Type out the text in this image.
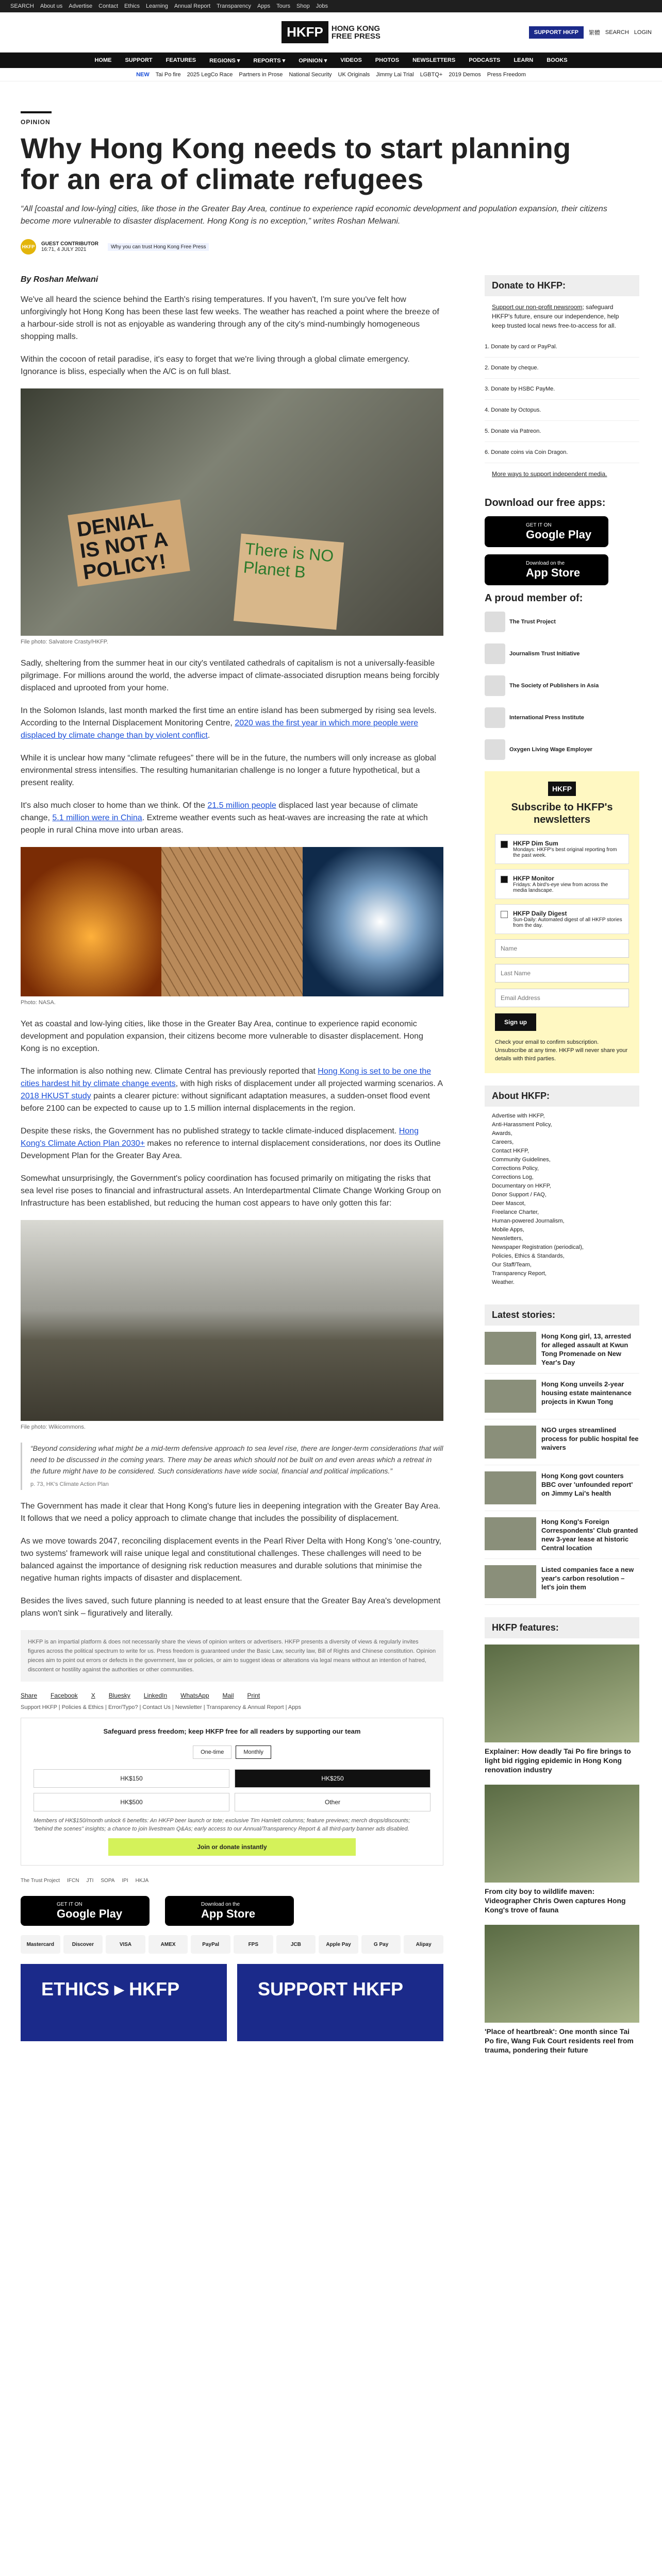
SEARCH About us Advertise Contact Ethics Learning Annual Report Transparency Apps Tours Shop Jobs
HKFP	HONG KONG
FREE PRESS	SUPPORT HKFP	繁體 SEARCH LOGIN
HOME SUPPORT FEATURES REGIONS ▾ REPORTS ▾ OPINION ▾ VIDEOS PHOTOS NEWSLETTERS PODCASTS LEARN BOOKS
NEW Tai Po fire 2025 LegCo Race Partners in Prose National Security UK Originals Jimmy Lai Trial LGBTQ+ 2019 Demos Press Freedom
OPINION
Why Hong Kong needs to start planning for an era of climate refugees

“All [coastal and low-lying] cities, like those in the Greater Bay Area, continue to experience rapid economic development and population expansion, their citizens become more vulnerable to disaster displacement. Hong Kong is no exception,” writes Roshan Melwani.

HKFP GUEST CONTRIBUTOR
16:71, 4 JULY 2021	Why you can trust Hong Kong Free Press
By Roshan Melwani

We've all heard the science behind the Earth's rising temperatures. If you haven't, I'm sure you've felt how unforgivingly hot Hong Kong has been these last few weeks. The weather has reached a point where the breeze of a harbour-side stroll is not as enjoyable as wandering through any of the city's mind-numbingly homogeneous shopping malls.

Within the cocoon of retail paradise, it's easy to forget that we're living through a global climate emergency. Ignorance is bliss, especially when the A/C is on full blast.

DENIAL IS NOT A POLICY!	There is NO Planet B
File photo: Salvatore Crasty/HKFP.

Sadly, sheltering from the summer heat in our city's ventilated cathedrals of capitalism is not a universally-feasible pilgrimage. For millions around the world, the adverse impact of climate-associated disruption means being forcibly displaced and uprooted from your home.

In the Solomon Islands, last month marked the first time an entire island has been submerged by rising sea levels. According to the Internal Displacement Monitoring Centre, 2020 was the first year in which more people were displaced by climate change than by violent conflict.

While it is unclear how many “climate refugees” there will be in the future, the numbers will only increase as global environmental stress intensifies. The resulting humanitarian challenge is no longer a future hypothetical, but a present reality.

It's also much closer to home than we think. Of the 21.5 million people displaced last year because of climate change, 5.1 million were in China. Extreme weather events such as heat-waves are increasing the rate at which people in rural China move into urban areas.

Photo: NASA.

Yet as coastal and low-lying cities, like those in the Greater Bay Area, continue to experience rapid economic development and population expansion, their citizens become more vulnerable to disaster displacement. Hong Kong is no exception.

The information is also nothing new. Climate Central has previously reported that Hong Kong is set to be one the cities hardest hit by climate change events, with high risks of displacement under all projected warming scenarios. A 2018 HKUST study paints a clearer picture: without significant adaptation measures, a sudden-onset flood event before 2100 can be expected to cause up to 1.5 million internal displacements in the region.

Despite these risks, the Government has no published strategy to tackle climate-induced displacement. Hong Kong's Climate Action Plan 2030+ makes no reference to internal displacement considerations, nor does its Outline Development Plan for the Greater Bay Area.

Somewhat unsurprisingly, the Government's policy coordination has focused primarily on mitigating the risks that sea level rise poses to financial and infrastructural assets. An Interdepartmental Climate Change Working Group on Infrastructure has been established, but reducing the human cost appears to have only gotten this far:

File photo: Wikicommons.
“Beyond considering what might be a mid-term defensive approach to sea level rise, there are longer-term considerations that will need to be discussed in the coming years. There may be areas which should not be built on and even areas which a retreat in the future might have to be considered. Such considerations have wide social, financial and political implications.”
p. 73, HK's Climate Action Plan

The Government has made it clear that Hong Kong's future lies in deepening integration with the Greater Bay Area. It follows that we need a policy approach to climate change that includes the possibility of displacement.

As we move towards 2047, reconciling displacement events in the Pearl River Delta with Hong Kong's 'one-country, two systems' framework will raise unique legal and constitutional challenges. These challenges will need to be balanced against the importance of designing risk reduction measures and durable solutions that minimise the negative human rights impacts of disaster and displacement.

Besides the lives saved, such future planning is needed to at least ensure that the Greater Bay Area's development plans won't sink – figuratively and literally.

HKFP is an impartial platform & does not necessarily share the views of opinion writers or advertisers. HKFP presents a diversity of views & regularly invites figures across the political spectrum to write for us. Press freedom is guaranteed under the Basic Law, security law, Bill of Rights and Chinese constitution. Opinion pieces aim to point out errors or defects in the government, law or policies, or aim to suggest ideas or alterations via legal means without an intention of hatred, discontent or hostility against the authorities or other communities.
Share Facebook X Bluesky LinkedIn WhatsApp Mail Print
Support HKFP | Policies & Ethics | Error/Typo? | Contact Us | Newsletter | Transparency & Annual Report | Apps
Safeguard press freedom; keep HKFP free for all readers by supporting our team
One-time	Monthly
HK$150	HK$250
HK$500	Other
Members of HK$150/month unlock 6 benefits: An HKFP beer launch or tote; exclusive Tim Hamlett columns; feature previews; merch drops/discounts; "behind the scenes" insights; a chance to join livestream Q&As; early access to our Annual/Transparency Report & all third-party banner ads disabled.
Join or donate instantly
The Trust Project IFCN JTI SOPA IPI HKJA
GET IT ON
Google Play
Download on the
App Store
Mastercard	Discover	VISA	AMEX	PayPal	FPS	JCB	Apple Pay	G Pay	Alipay
ETHICS ▸ HKFP	SUPPORT HKFP
Donate to HKFP:
Support our non-profit newsroom; safeguard HKFP's future, ensure our independence, help keep trusted local news free-to-access for all.
1. Donate by card or PayPal.
2. Donate by cheque.
3. Donate by HSBC PayMe.
4. Donate by Octopus.
5. Donate via Patreon.
6. Donate coins via Coin Dragon.
More ways to support independent media.
Download our free apps:
GET IT ON
Google Play
Download on the
App Store
A proud member of:
The Trust Project
Journalism Trust Initiative
The Society of Publishers in Asia
International Press Institute
Oxygen Living Wage Employer
HKFP
Subscribe to HKFP's newsletters
HKFP Dim Sum
Mondays: HKFP's best original reporting from the past week.
HKFP Monitor
Fridays: A bird's-eye view from across the media landscape.
HKFP Daily Digest
Sun-Daily: Automated digest of all HKFP stories from the day.
Name Last Name Email Address
Sign up
Check your email to confirm subscription. Unsubscribe at any time. HKFP will never share your details with third parties.
About HKFP:
Advertise with HKFP,
Anti-Harassment Policy,
Awards,
Careers,
Contact HKFP,
Community Guidelines,
Corrections Policy,
Corrections Log,
Documentary on HKFP,
Donor Support / FAQ,
Deer Mascot,
Freelance Charter,
Human-powered Journalism,
Mobile Apps,
Newsletters,
Newspaper Registration (periodical),
Policies, Ethics & Standards,
Our Staff/Team,
Transparency Report,
Weather.
Latest stories:
Hong Kong girl, 13, arrested for alleged assault at Kwun Tong Promenade on New Year's Day
Hong Kong unveils 2-year housing estate maintenance projects in Kwun Tong
NGO urges streamlined process for public hospital fee waivers
Hong Kong govt counters BBC over 'unfounded report' on Jimmy Lai's health
Hong Kong's Foreign Correspondents' Club granted new 3-year lease at historic Central location
Listed companies face a new year's carbon resolution – let's join them
HKFP features:
Explainer: How deadly Tai Po fire brings to light bid rigging epidemic in Hong Kong renovation industry
From city boy to wildlife maven: Videographer Chris Owen captures Hong Kong's trove of fauna
'Place of heartbreak': One month since Tai Po fire, Wang Fuk Court residents reel from trauma, pondering their future
